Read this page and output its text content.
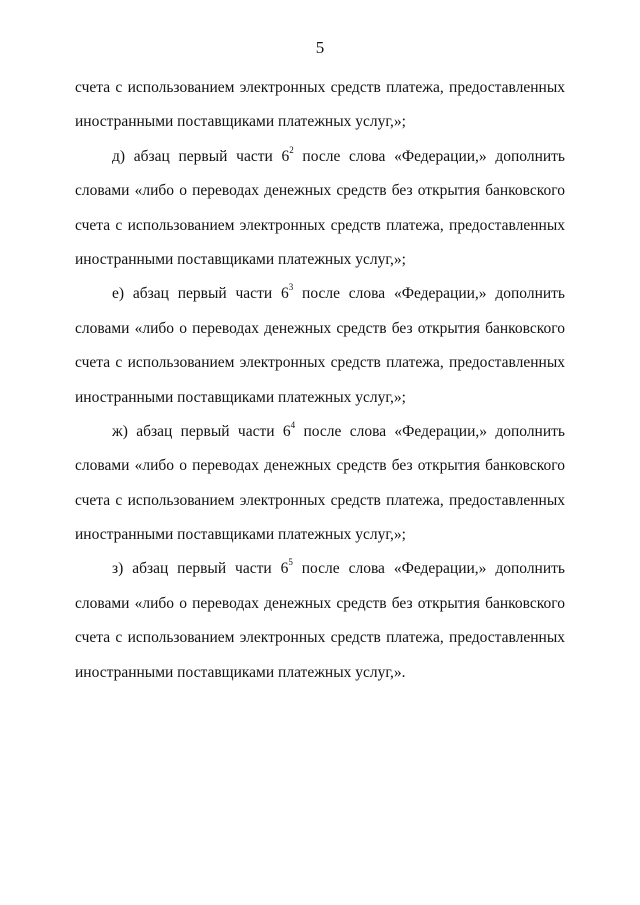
5
счета с использованием электронных средств платежа, предоставленных
иностранными поставщиками платежных услуг,»;
д) абзац первый части $6^2$ после слова «Федерации,» дополнить
словами «либо о переводах денежных средств без открытия банковского
счета с использованием электронных средств платежа, предоставленных
иностранными поставщиками платежных услуг,»;
е) абзац первый части $6^3$ после слова «Федерации,» дополнить
словами «либо о переводах денежных средств без открытия банковского
счета с использованием электронных средств платежа, предоставленных
иностранными поставщиками платежных услуг,»;
ж) абзац первый части $6^4$ после слова «Федерации,» дополнить
словами «либо о переводах денежных средств без открытия банковского
счета с использованием электронных средств платежа, предоставленных
иностранными поставщиками платежных услуг,»;
з) абзац первый части $6^5$ после слова «Федерации,» дополнить
словами «либо о переводах денежных средств без открытия банковского
счета с использованием электронных средств платежа, предоставленных
иностранными поставщиками платежных услуг,».
